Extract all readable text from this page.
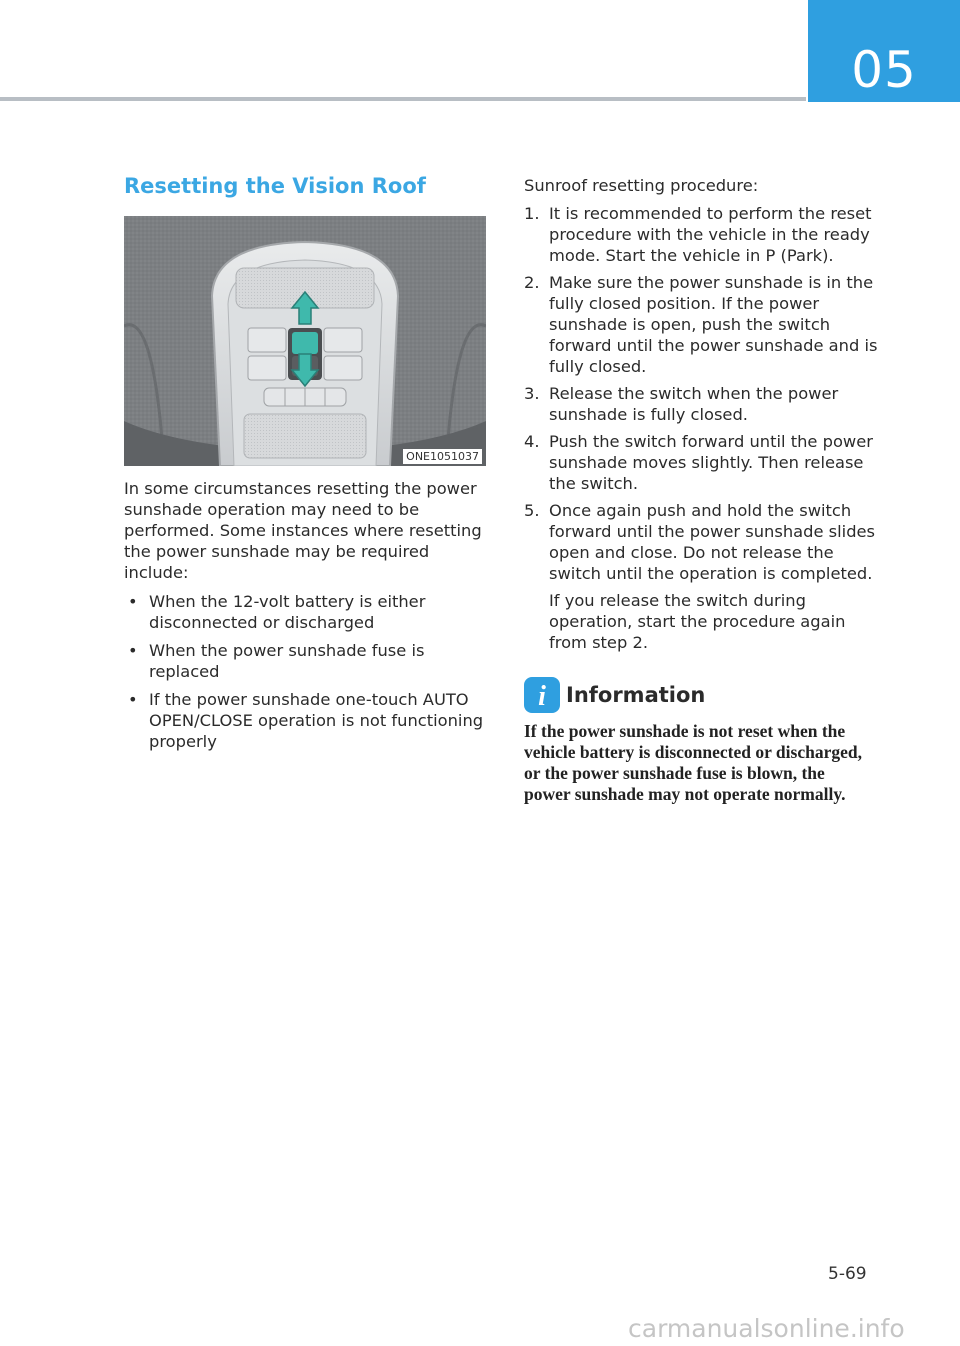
05
Resetting the Vision Roof
ONE1051037

In some circumstances resetting the power sunshade operation may need to be performed. Some instances where resetting the power sunshade may be required include:

• When the 12-volt battery is either disconnected or discharged
• When the power sunshade fuse is replaced
• If the power sunshade one-touch AUTO OPEN/CLOSE operation is not functioning properly

Sunroof resetting procedure:

1. It is recommended to perform the reset procedure with the vehicle in the ready mode. Start the vehicle in P (Park).
2. Make sure the power sunshade is in the fully closed position. If the power sunshade is open, push the switch forward until the power sunshade and is fully closed.
3. Release the switch when the power sunshade is fully closed.
4. Push the switch forward until the power sunshade moves slightly. Then release the switch.
5. Once again push and hold the switch forward until the power sunshade slides open and close. Do not release the switch until the operation is completed.
If you release the switch during operation, start the procedure again from step 2.
i Information

If the power sunshade is not reset when the vehicle battery is disconnected or discharged, or the power sunshade fuse is blown, the power sunshade may not operate normally.

5-69
carmanualsonline.info
